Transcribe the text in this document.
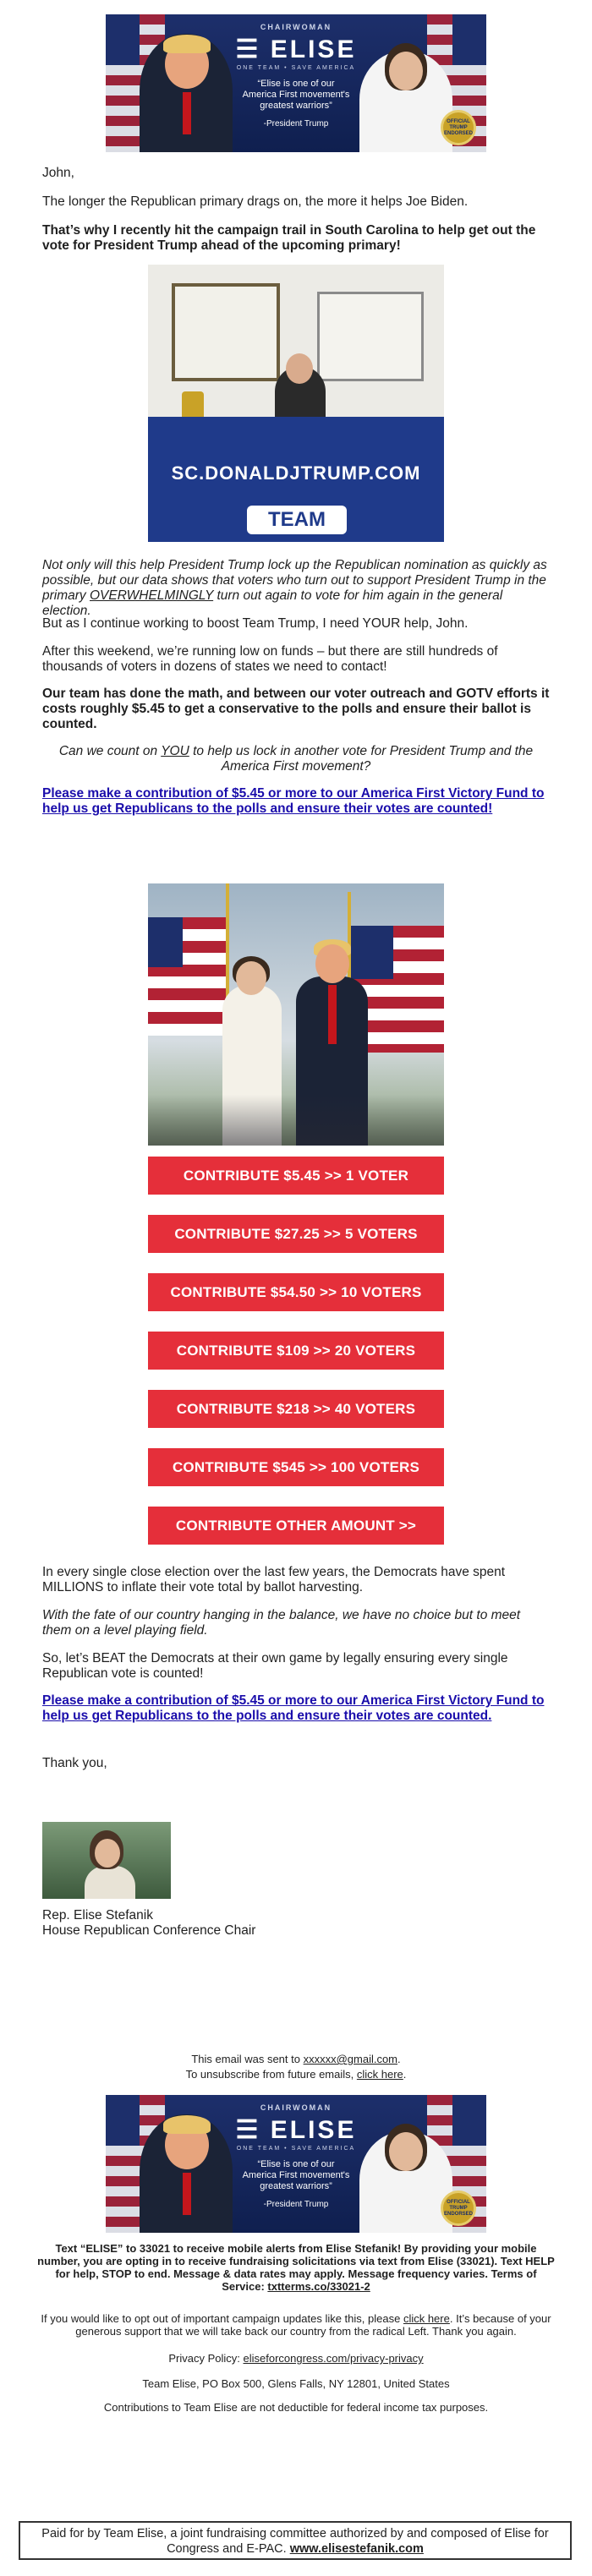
CHAIRWOMAN
☰ ELISE
ONE TEAM • SAVE AMERICA
“Elise is one of our
America First movement's
greatest warriors”
-President Trump	OFFICIAL TRUMP ENDORSED

John,

The longer the Republican primary drags on, the more it helps Joe Biden.

That’s why I recently hit the campaign trail in South Carolina to help get out the vote for President Trump ahead of the upcoming primary!

SC.DONALDJTRUMP.COM
TEAM

Not only will this help President Trump lock up the Republican nomination as quickly as possible, but our data shows that voters who turn out to support President Trump in the primary OVERWHELMINGLY turn out again to vote for him again in the general election.

But as I continue working to boost Team Trump, I need YOUR help, John.

After this weekend, we’re running low on funds – but there are still hundreds of thousands of voters in dozens of states we need to contact!

Our team has done the math, and between our voter outreach and GOTV efforts it costs roughly $5.45 to get a conservative to the polls and ensure their ballot is counted.

Can we count on YOU to help us lock in another vote for President Trump and the America First movement?

Please make a contribution of $5.45 or more to our America First Victory Fund to help us get Republicans to the polls and ensure their votes are counted!
CONTRIBUTE $5.45 >> 1 VOTER
CONTRIBUTE $27.25 >> 5 VOTERS
CONTRIBUTE $54.50 >> 10 VOTERS
CONTRIBUTE $109 >> 20 VOTERS
CONTRIBUTE $218 >> 40 VOTERS
CONTRIBUTE $545 >> 100 VOTERS
CONTRIBUTE OTHER AMOUNT >>

In every single close election over the last few years, the Democrats have spent MILLIONS to inflate their vote total by ballot harvesting.

With the fate of our country hanging in the balance, we have no choice but to meet them on a level playing field.

So, let’s BEAT the Democrats at their own game by legally ensuring every single Republican vote is counted!

Please make a contribution of $5.45 or more to our America First Victory Fund to help us get Republicans to the polls and ensure their votes are counted.

Thank you,

Rep. Elise Stefanik

House Republican Conference Chair

This email was sent to xxxxxx@gmail.com.
To unsubscribe from future emails, click here.
CHAIRWOMAN
☰ ELISE
ONE TEAM • SAVE AMERICA
“Elise is one of our
America First movement's
greatest warriors”
-President Trump	OFFICIAL TRUMP ENDORSED
Text “ELISE” to 33021 to receive mobile alerts from Elise Stefanik! By providing your mobile number, you are opting in to receive fundraising solicitations via text from Elise (33021). Text HELP for help, STOP to end. Message & data rates may apply. Message frequency varies. Terms of Service: txtterms.co/33021-2
If you would like to opt out of important campaign updates like this, please click here. It’s because of your generous support that we will take back our country from the radical Left. Thank you again.
Privacy Policy: eliseforcongress.com/privacy-privacy
Team Elise, PO Box 500, Glens Falls, NY 12801, United States
Contributions to Team Elise are not deductible for federal income tax purposes.
Paid for by Team Elise, a joint fundraising committee authorized by and composed of Elise for Congress and E-PAC. www.elisestefanik.com
